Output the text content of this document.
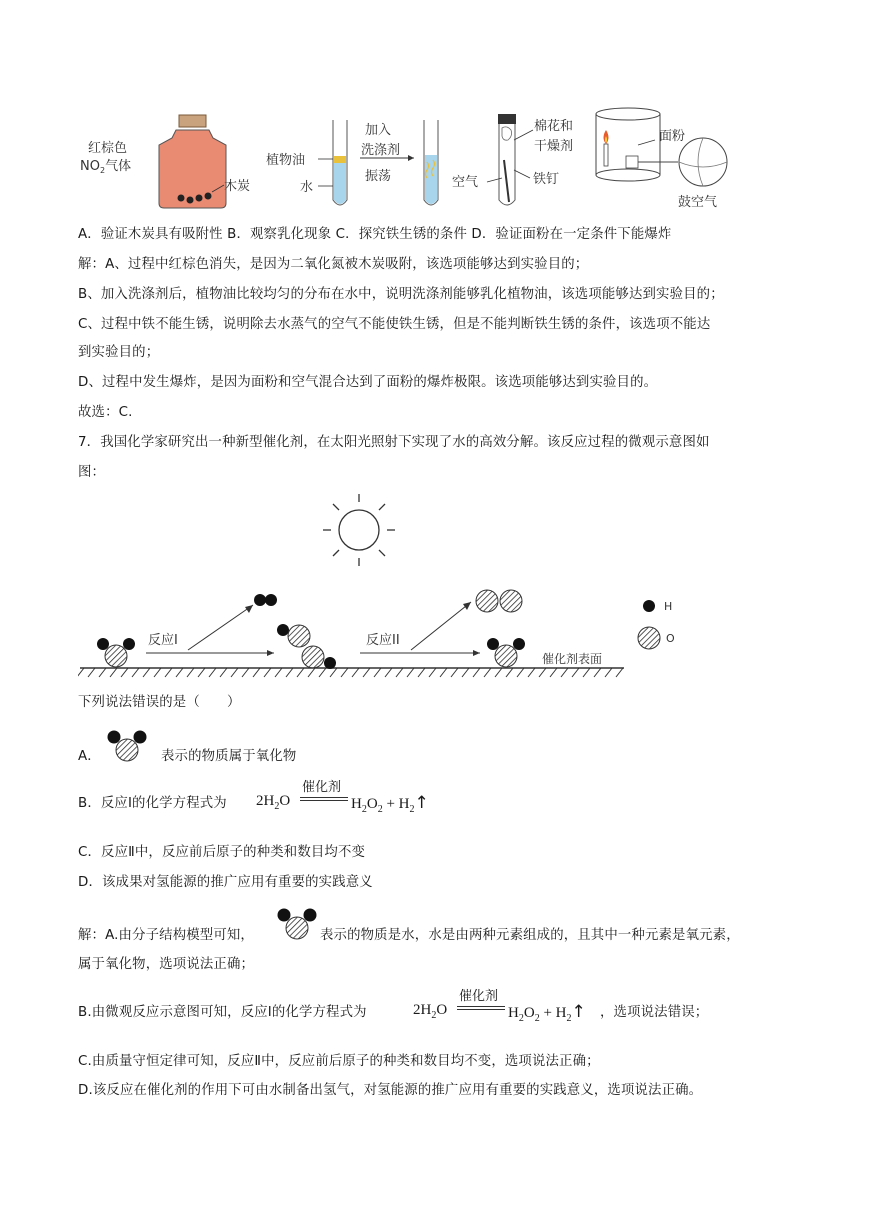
红棕色
$NO_2$气体
木炭
植物油
水
加入
洗涤剂
振荡
棉花和
干燥剂
空气	铁钉
面粉
鼓空气
A．验证木炭具有吸附性 B．观察乳化现象 C．探究铁生锈的条件 D．验证面粉在一定条件下能爆炸
解：A、过程中红棕色消失，是因为二氧化氮被木炭吸附，该选项能够达到实验目的；
B、加入洗涤剂后，植物油比较均匀的分布在水中，说明洗涤剂能够乳化植物油，该选项能够达到实验目的；
C、过程中铁不能生锈，说明除去水蒸气的空气不能使铁生锈，但是不能判断铁生锈的条件，该选项不能达
到实验目的；
D、过程中发生爆炸，是因为面粉和空气混合达到了面粉的爆炸极限。该选项能够达到实验目的。
故选：C.
7．我国化学家研究出一种新型催化剂，在太阳光照射下实现了水的高效分解。该反应过程的微观示意图如
图：
反应I	反应II
催化剂表面
H
O
下列说法错误的是（　　）
A．	表示的物质属于氧化物
B．反应Ⅰ的化学方程式为 $2H_2O$
催化剂
$H_2O_2$ + $H_2↑$
C．反应Ⅱ中，反应前后原子的种类和数目均不变
D．该成果对氢能源的推广应用有重要的实践意义
解：A.由分子结构模型可知，	表示的物质是水，水是由两种元素组成的，且其中一种元素是氧元素，
属于氧化物，选项说法正确；
B.由微观反应示意图可知，反应Ⅰ的化学方程式为	$2H_2O$
催化剂
$H_2O_2$ + $H_2↑$ ，选项说法错误；
C.由质量守恒定律可知，反应Ⅱ中，反应前后原子的种类和数目均不变，选项说法正确；
D.该反应在催化剂的作用下可由水制备出氢气，对氢能源的推广应用有重要的实践意义，选项说法正确。
